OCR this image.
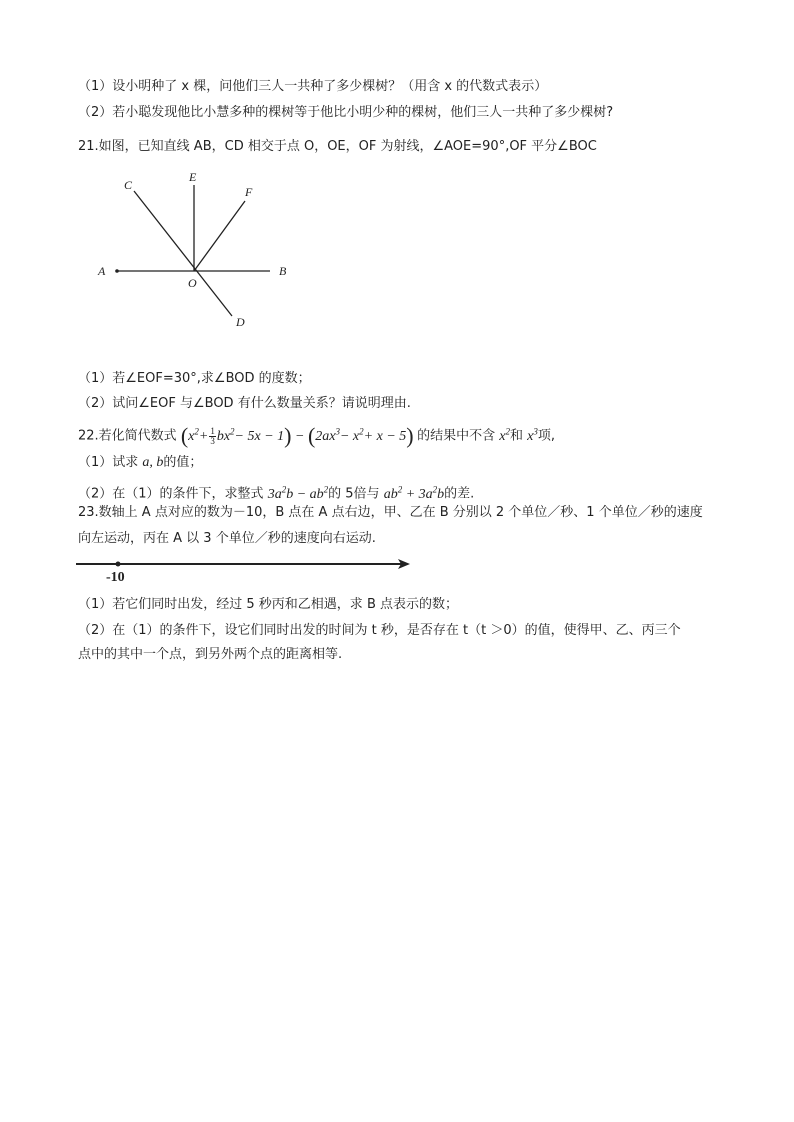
（1）设小明种了 x 棵，问他们三人一共种了多少棵树？（用含 x 的代数式表示）
（2）若小聪发现他比小慧多种的棵树等于他比小明少种的棵树，他们三人一共种了多少棵树?
21.如图，已知直线 AB，CD 相交于点 O，OE，OF 为射线，∠AOE=90°,OF 平分∠BOC
A	B
C
D
E
F
O
（1）若∠EOF=30°,求∠BOD 的度数；
（2）试问∠EOF 与∠BOD 有什么数量关系？请说明理由.
22.若化简代数式 $(x^2+ \frac{1}{3} bx^2- 5x - 1) - (2ax^3- x^2+ x - 5)$ 的结果中不含 $x^2$和 $x^3$项,
（1）试求 a, b的值；
（2）在（1）的条件下，求整式 $3a^2b - ab^2$的 5倍与 $ab^2 + 3a^2b$的差.
23.数轴上 A 点对应的数为－10，B 点在 A 点右边，甲、乙在 B 分别以 2 个单位／秒、1 个单位／秒的速度
向左运动，丙在 A 以 3 个单位／秒的速度向右运动.
-10
（1）若它们同时出发，经过 5 秒丙和乙相遇，求 B 点表示的数；
（2）在（1）的条件下，设它们同时出发的时间为 t 秒，是否存在 t（t ＞0）的值，使得甲、乙、丙三个
点中的其中一个点，到另外两个点的距离相等.
